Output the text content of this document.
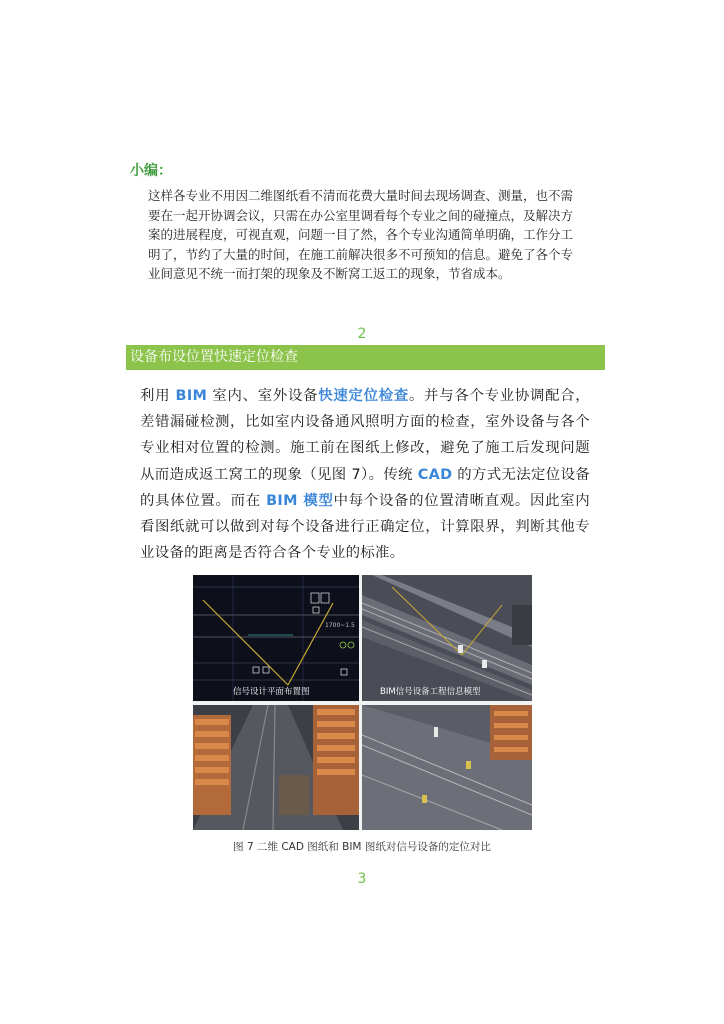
小编：

这样各专业不用因二维图纸看不清而花费大量时间去现场调查、测量，也不需要在一起开协调会议，只需在办公室里调看每个专业之间的碰撞点，及解决方案的进展程度，可视直观，问题一目了然，各个专业沟通简单明确，工作分工明了，节约了大量的时间，在施工前解决很多不可预知的信息。避免了各个专业间意见不统一而打架的现象及不断窝工返工的现象，节省成本。

2
设备布设位置快速定位检查

利用 BIM 室内、室外设备快速定位检查。并与各个专业协调配合，差错漏碰检测，比如室内设备通风照明方面的检查，室外设备与各个专业相对位置的检测。施工前在图纸上修改，避免了施工后发现问题从而造成返工窝工的现象（见图 7）。传统 CAD 的方式无法定位设备的具体位置。而在 BIM 模型中每个设备的位置清晰直观。因此室内看图纸就可以做到对每个设备进行正确定位，计算限界，判断其他专业设备的距离是否符合各个专业的标准。

1700~1.5
信号设计平面布置图	BIM信号设备工程信息模型
图 7 二维 CAD 图纸和 BIM 图纸对信号设备的定位对比
3
